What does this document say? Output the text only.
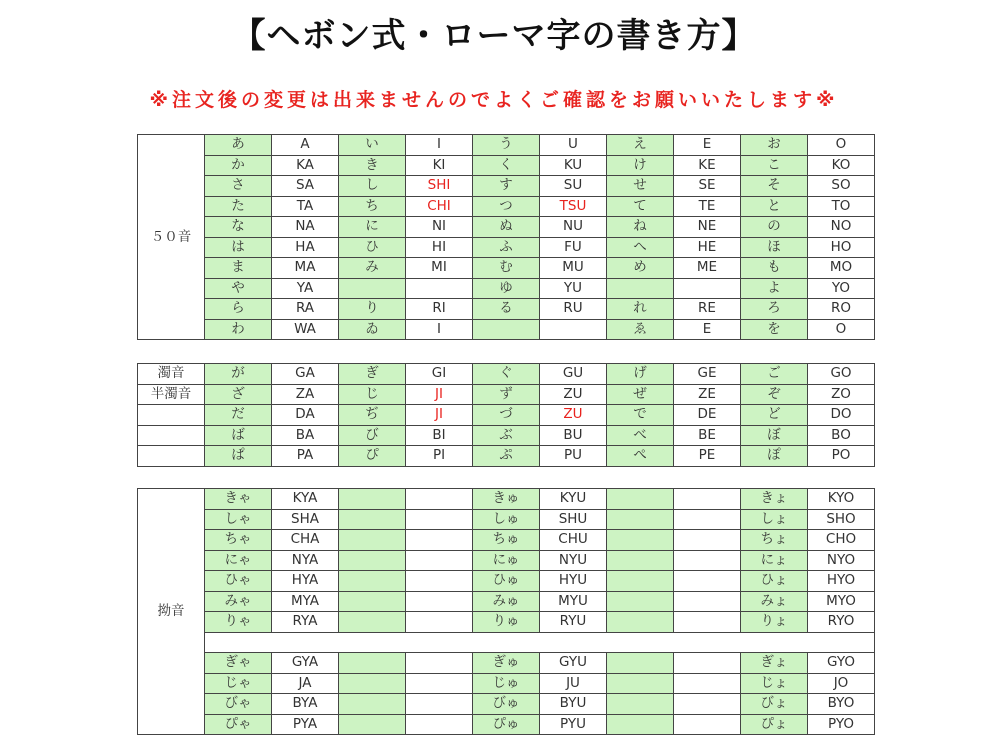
【ヘボン式・ローマ字の書き方】
※注文後の変更は出来ませんのでよくご確認をお願いいたします※
５０音	あ	A	い	I	う	U	え	E	お	O
	か	KA	き	KI	く	KU	け	KE	こ	KO
	さ	SA	し	SHI	す	SU	せ	SE	そ	SO
	た	TA	ち	CHI	つ	TSU	て	TE	と	TO
	な	NA	に	NI	ぬ	NU	ね	NE	の	NO
	は	HA	ひ	HI	ふ	FU	へ	HE	ほ	HO
	ま	MA	み	MI	む	MU	め	ME	も	MO
	や	YA			ゆ	YU			よ	YO
	ら	RA	り	RI	る	RU	れ	RE	ろ	RO
	わ	WA	ゐ	I			ゑ	E	を	O
濁音	が	GA	ぎ	GI	ぐ	GU	げ	GE	ご	GO
半濁音	ざ	ZA	じ	JI	ず	ZU	ぜ	ZE	ぞ	ZO
	だ	DA	ぢ	JI	づ	ZU	で	DE	ど	DO
	ば	BA	び	BI	ぶ	BU	べ	BE	ぼ	BO
	ぱ	PA	ぴ	PI	ぷ	PU	ぺ	PE	ぽ	PO
拗音	きゃ	KYA			きゅ	KYU			きょ	KYO
	しゃ	SHA			しゅ	SHU			しょ	SHO
	ちゃ	CHA			ちゅ	CHU			ちょ	CHO
	にゃ	NYA			にゅ	NYU			にょ	NYO
	ひゃ	HYA			ひゅ	HYU			ひょ	HYO
	みゃ	MYA			みゅ	MYU			みょ	MYO
	りゃ	RYA			りゅ	RYU			りょ	RYO

	ぎゃ	GYA			ぎゅ	GYU			ぎょ	GYO
	じゃ	JA			じゅ	JU			じょ	JO
	びゃ	BYA			びゅ	BYU			びょ	BYO
	ぴゃ	PYA			ぴゅ	PYU			ぴょ	PYO
